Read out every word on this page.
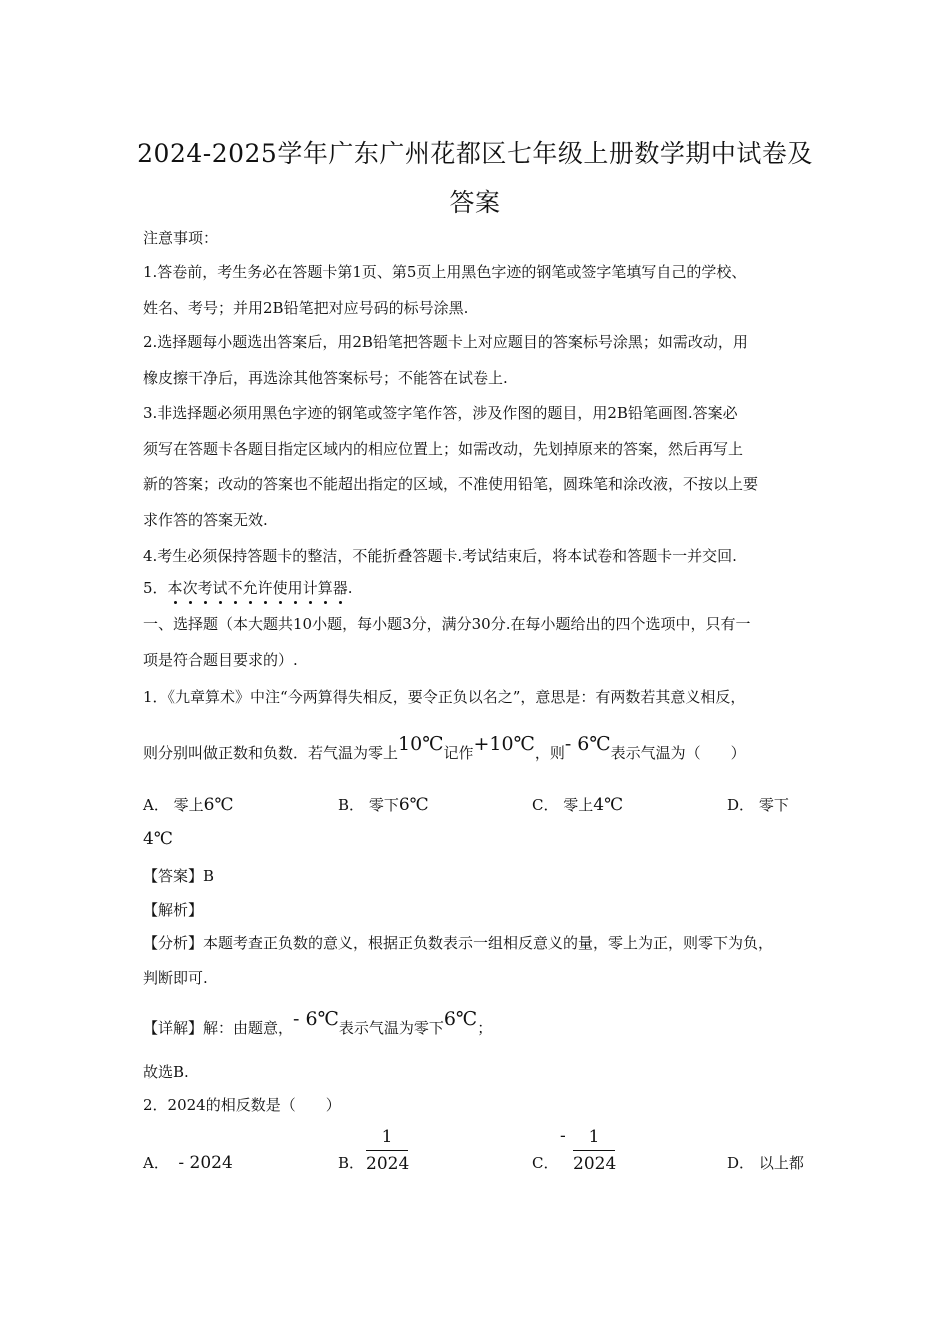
2024-2025学年广东广州花都区七年级上册数学期中试卷及
答案
注意事项：
1.答卷前，考生务必在答题卡第1页、第5页上用黑色字迹的钢笔或签字笔填写自己的学校、
姓名、考号；并用2B铅笔把对应号码的标号涂黑.
2.选择题每小题选出答案后，用2B铅笔把答题卡上对应题目的答案标号涂黑；如需改动，用
橡皮擦干净后，再选涂其他答案标号；不能答在试卷上.
3.非选择题必须用黑色字迹的钢笔或签字笔作答，涉及作图的题目，用2B铅笔画图.答案必
须写在答题卡各题目指定区域内的相应位置上；如需改动，先划掉原来的答案，然后再写上
新的答案；改动的答案也不能超出指定的区域，不准使用铅笔，圆珠笔和涂改液，不按以上要
求作答的答案无效.
4.考生必须保持答题卡的整洁，不能折叠答题卡.考试结束后，将本试卷和答题卡一并交回.
5．本次考试不允许使用计算器.
一、选择题（本大题共10小题，每小题3分，满分30分.在每小题给出的四个选项中，只有一
项是符合题目要求的）.
1．《九章算术》中注“今两算得失相反，要令正负以名之”，意思是：有两数若其意义相反，
则分别叫做正数和负数．若气温为零上10℃记作+10℃，则- 6℃表示气温为（　　）
A． 零上6℃	B． 零下6℃	C． 零上4℃	D． 零下
4℃
【答案】B
【解析】
【分析】本题考查正负数的意义，根据正负数表示一组相反意义的量，零上为正，则零下为负，
判断即可.
【详解】解：由题意，- 6℃表示气温为零下6℃；
故选B.
2．2024的相反数是（　　）
A． - 2024	B．
1
2024	C．
-	1
2024	D． 以上都
